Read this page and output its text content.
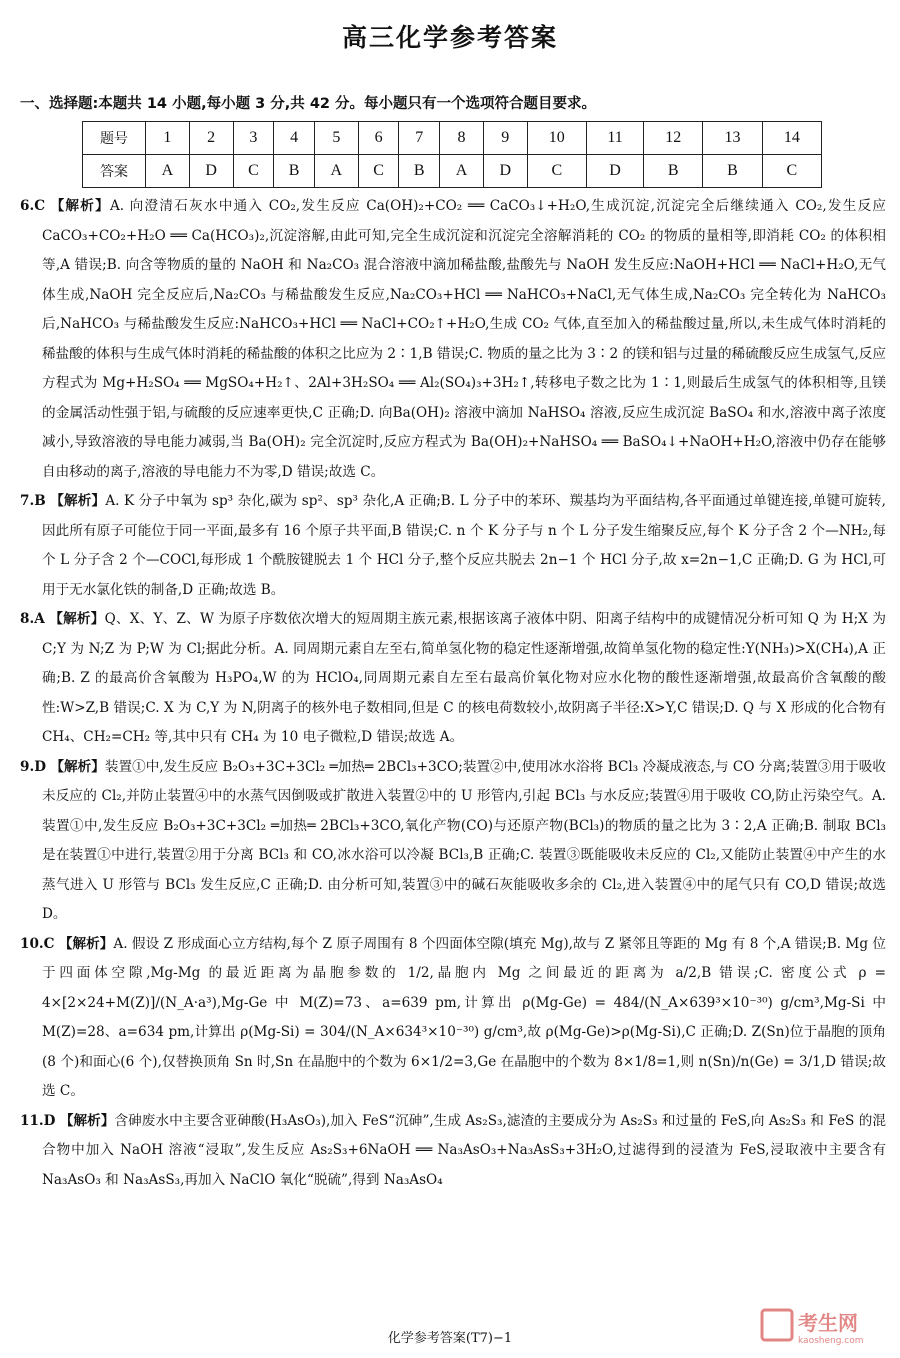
高三化学参考答案
一、选择题:本题共 14 小题,每小题 3 分,共 42 分。每小题只有一个选项符合题目要求。
题号	1	2	3	4	5	6	7	8	9	10	11	12	13	14
答案	A	D	C	B	A	C	B	A	D	C	D	B	B	C

6.C 【解析】A. 向澄清石灰水中通入 CO₂,发生反应 Ca(OH)₂+CO₂ ══ CaCO₃↓+H₂O,生成沉淀,沉淀完全后继续通入 CO₂,发生反应 CaCO₃+CO₂+H₂O ══ Ca(HCO₃)₂,沉淀溶解,由此可知,完全生成沉淀和沉淀完全溶解消耗的 CO₂ 的物质的量相等,即消耗 CO₂ 的体积相等,A 错误;B. 向含等物质的量的 NaOH 和 Na₂CO₃ 混合溶液中滴加稀盐酸,盐酸先与 NaOH 发生反应:NaOH+HCl ══ NaCl+H₂O,无气体生成,NaOH 完全反应后,Na₂CO₃ 与稀盐酸发生反应,Na₂CO₃+HCl ══ NaHCO₃+NaCl,无气体生成,Na₂CO₃ 完全转化为 NaHCO₃ 后,NaHCO₃ 与稀盐酸发生反应:NaHCO₃+HCl ══ NaCl+CO₂↑+H₂O,生成 CO₂ 气体,直至加入的稀盐酸过量,所以,未生成气体时消耗的稀盐酸的体积与生成气体时消耗的稀盐酸的体积之比应为 2∶1,B 错误;C. 物质的量之比为 3∶2 的镁和铝与过量的稀硫酸反应生成氢气,反应方程式为 Mg+H₂SO₄ ══ MgSO₄+H₂↑、2Al+3H₂SO₄ ══ Al₂(SO₄)₃+3H₂↑,转移电子数之比为 1∶1,则最后生成氢气的体积相等,且镁的金属活动性强于铝,与硫酸的反应速率更快,C 正确;D. 向Ba(OH)₂ 溶液中滴加 NaHSO₄ 溶液,反应生成沉淀 BaSO₄ 和水,溶液中离子浓度减小,导致溶液的导电能力减弱,当 Ba(OH)₂ 完全沉淀时,反应方程式为 Ba(OH)₂+NaHSO₄ ══ BaSO₄↓+NaOH+H₂O,溶液中仍存在能够自由移动的离子,溶液的导电能力不为零,D 错误;故选 C。

7.B 【解析】A. K 分子中氧为 sp³ 杂化,碳为 sp²、sp³ 杂化,A 正确;B. L 分子中的苯环、羰基均为平面结构,各平面通过单键连接,单键可旋转,因此所有原子可能位于同一平面,最多有 16 个原子共平面,B 错误;C. n 个 K 分子与 n 个 L 分子发生缩聚反应,每个 K 分子含 2 个—NH₂,每个 L 分子含 2 个—COCl,每形成 1 个酰胺键脱去 1 个 HCl 分子,整个反应共脱去 2n−1 个 HCl 分子,故 x=2n−1,C 正确;D. G 为 HCl,可用于无水氯化铁的制备,D 正确;故选 B。

8.A 【解析】Q、X、Y、Z、W 为原子序数依次增大的短周期主族元素,根据该离子液体中阴、阳离子结构中的成键情况分析可知 Q 为 H;X 为 C;Y 为 N;Z 为 P;W 为 Cl;据此分析。A. 同周期元素自左至右,简单氢化物的稳定性逐渐增强,故简单氢化物的稳定性:Y(NH₃)>X(CH₄),A 正确;B. Z 的最高价含氧酸为 H₃PO₄,W 的为 HClO₄,同周期元素自左至右最高价氧化物对应水化物的酸性逐渐增强,故最高价含氧酸的酸性:W>Z,B 错误;C. X 为 C,Y 为 N,阴离子的核外电子数相同,但是 C 的核电荷数较小,故阴离子半径:X>Y,C 错误;D. Q 与 X 形成的化合物有 CH₄、CH₂=CH₂ 等,其中只有 CH₄ 为 10 电子微粒,D 错误;故选 A。

9.D 【解析】装置①中,发生反应 B₂O₃+3C+3Cl₂ ═加热═ 2BCl₃+3CO;装置②中,使用冰水浴将 BCl₃ 冷凝成液态,与 CO 分离;装置③用于吸收未反应的 Cl₂,并防止装置④中的水蒸气因倒吸或扩散进入装置②中的 U 形管内,引起 BCl₃ 与水反应;装置④用于吸收 CO,防止污染空气。A. 装置①中,发生反应 B₂O₃+3C+3Cl₂ ═加热═ 2BCl₃+3CO,氧化产物(CO)与还原产物(BCl₃)的物质的量之比为 3∶2,A 正确;B. 制取 BCl₃ 是在装置①中进行,装置②用于分离 BCl₃ 和 CO,冰水浴可以冷凝 BCl₃,B 正确;C. 装置③既能吸收未反应的 Cl₂,又能防止装置④中产生的水蒸气进入 U 形管与 BCl₃ 发生反应,C 正确;D. 由分析可知,装置③中的碱石灰能吸收多余的 Cl₂,进入装置④中的尾气只有 CO,D 错误;故选 D。

10.C 【解析】A. 假设 Z 形成面心立方结构,每个 Z 原子周围有 8 个四面体空隙(填充 Mg),故与 Z 紧邻且等距的 Mg 有 8 个,A 错误;B. Mg 位于四面体空隙,Mg-Mg 的最近距离为晶胞参数的 1/2,晶胞内 Mg 之间最近的距离为 a/2,B 错误;C. 密度公式 ρ = 4×[2×24+M(Z)]/(N_A·a³),Mg-Ge 中 M(Z)=73、a=639 pm,计算出 ρ(Mg-Ge) = 484/(N_A×639³×10⁻³⁰) g/cm³,Mg-Si 中 M(Z)=28、a=634 pm,计算出 ρ(Mg-Si) = 304/(N_A×634³×10⁻³⁰) g/cm³,故 ρ(Mg-Ge)>ρ(Mg-Si),C 正确;D. Z(Sn)位于晶胞的顶角(8 个)和面心(6 个),仅替换顶角 Sn 时,Sn 在晶胞中的个数为 6×1/2=3,Ge 在晶胞中的个数为 8×1/8=1,则 n(Sn)/n(Ge) = 3/1,D 错误;故选 C。

11.D 【解析】含砷废水中主要含亚砷酸(H₃AsO₃),加入 FeS“沉砷”,生成 As₂S₃,滤渣的主要成分为 As₂S₃ 和过量的 FeS,向 As₂S₃ 和 FeS 的混合物中加入 NaOH 溶液“浸取”,发生反应 As₂S₃+6NaOH ══ Na₃AsO₃+Na₃AsS₃+3H₂O,过滤得到的浸渣为 FeS,浸取液中主要含有 Na₃AsO₃ 和 Na₃AsS₃,再加入 NaClO 氧化“脱硫”,得到 Na₃AsO₄

化学参考答案(T7)−1
考生网
kaosheng.com
